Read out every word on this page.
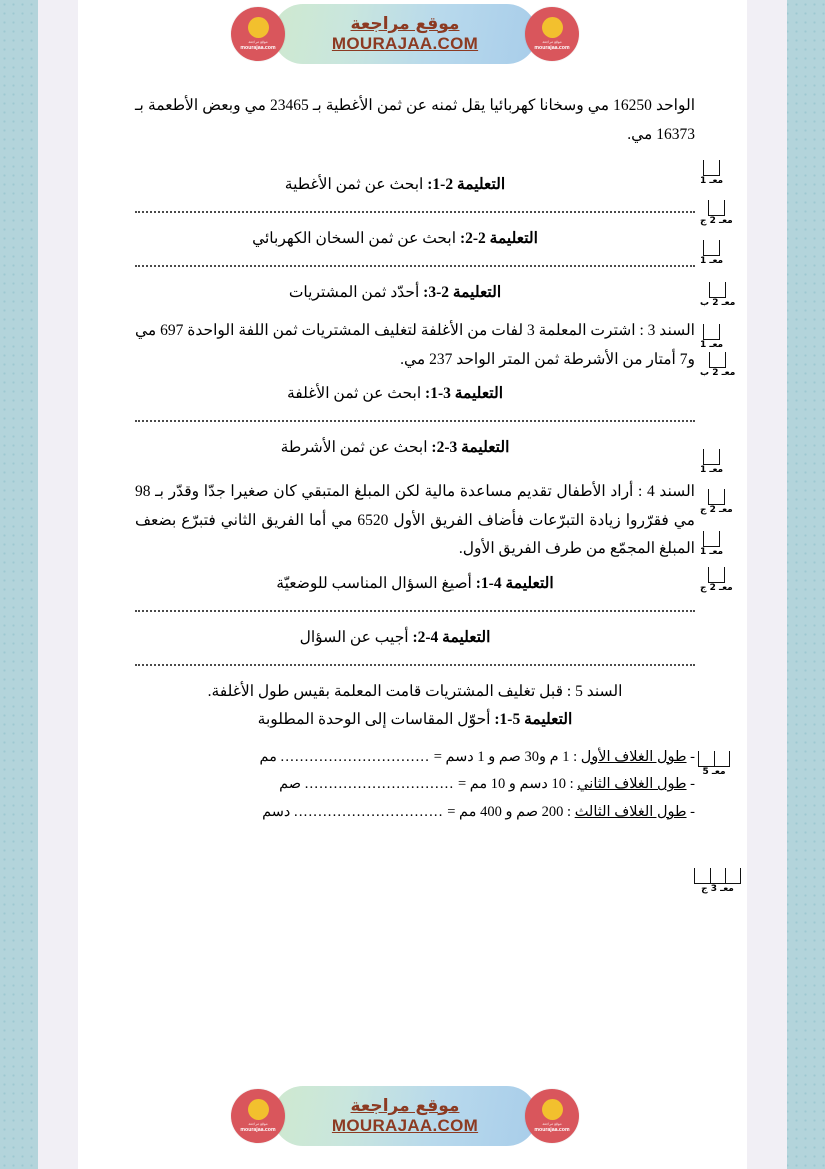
موقع مراجعة
mourajaa.com
موقع مراجعة
mourajaa.com
موقع مراجعة
MOURAJAA.COM
موقع مراجعة
mourajaa.com
موقع مراجعة
mourajaa.com
موقع مراجعة
MOURAJAA.COM

الواحد 16250 مي وسخانا كهربائيا يقل ثمنه عن ثمن الأغطية بـ 23465 مي وبعض الأطعمة بـ 16373 مي.

التعليمة 2-1: ابحث عن ثمن الأغطية

التعليمة 2-2: ابحث عن ثمن السخان الكهربائي

التعليمة 2-3: أحدّد ثمن المشتريات

السند 3 : اشترت المعلمة 3 لفات من الأغلفة لتغليف المشتريات ثمن اللفة الواحدة 697 مي و7 أمتار من الأشرطة ثمن المتر الواحد 237 مي.

التعليمة 3-1: ابحث عن ثمن الأغلفة

التعليمة 3-2: ابحث عن ثمن الأشرطة

السند 4 : أراد الأطفال تقديم مساعدة مالية لكن المبلغ المتبقي كان صغيرا جدّا وقدّر بـ 98 مي فقرّروا زيادة التبرّعات فأضاف الفريق الأول 6520 مي أما الفريق الثاني فتبرّع بضعف المبلغ المجمّع من طرف الفريق الأول.

التعليمة 4-1: أصيغ السؤال المناسب للوضعيّة

التعليمة 4-2: أجيب عن السؤال

السند 5 : قبل تغليف المشتريات قامت المعلمة بقيس طول الأغلفة.

التعليمة 5-1: أحوّل المقاسات إلى الوحدة المطلوبة

- طول الغلاف الأول : 1 م و30 صم و 1 دسم = ............................... مم

- طول الغلاف الثاني : 10 دسم و 10 مم = ............................... صم

- طول الغلاف الثالث : 200 صم و 400 مم = ............................... دسم

معـ 1
معـ 2 ج
معـ 1
معـ 2 ب
معـ 1
معـ 2 ب
معـ 1
معـ 2 ج
معـ 1
معـ 2 ج
معـ 5
معـ 3 ج
